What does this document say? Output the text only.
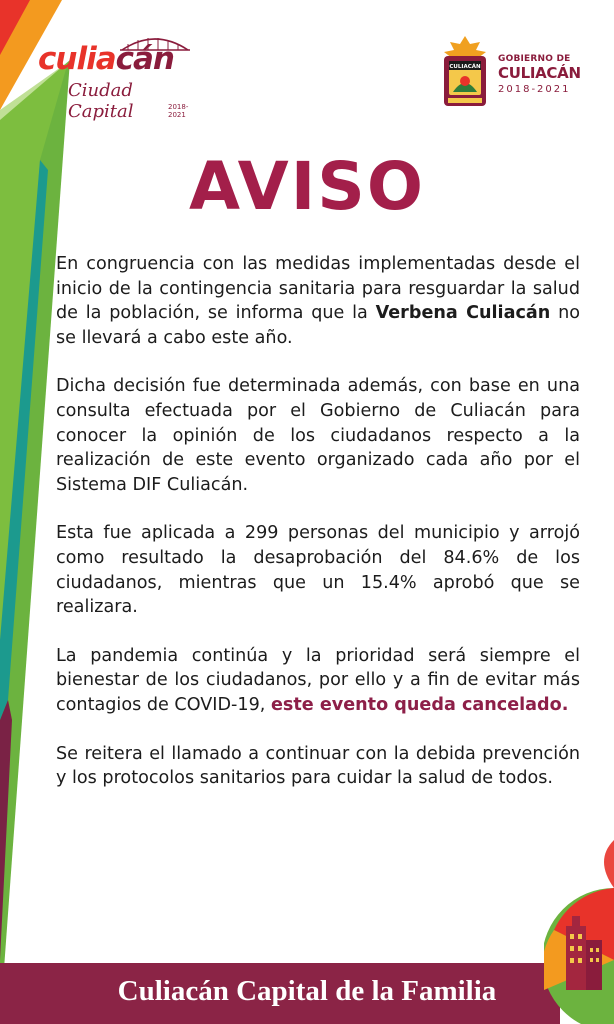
culiacán

Ciudad Capital	2018-2021
CULIACÁN
GOBIERNO DE
CULIACÁN
2018-2021
AVISO

En congruencia con las medidas implementadas desde el inicio de la contingencia sanitaria para resguardar la salud de la población, se informa que la Verbena Culiacán no se llevará a cabo este año.

Dicha decisión fue determinada además, con base en una consulta efectuada por el Gobierno de Culiacán para conocer la opinión de los ciudadanos respecto a la realización de este evento organizado cada año por el Sistema DIF Culiacán.

Esta fue aplicada a 299 personas del municipio y arrojó como resultado la desaprobación del 84.6% de los ciudadanos, mientras que un 15.4% aprobó que se realizara.

La pandemia continúa y la prioridad será siempre el bienestar de los ciudadanos, por ello y a fin de evitar más contagios de COVID-19, este evento queda cancelado.

Se reitera el llamado a continuar con la debida prevención y los protocolos sanitarios para cuidar la salud de todos.

Culiacán Capital de la Familia
